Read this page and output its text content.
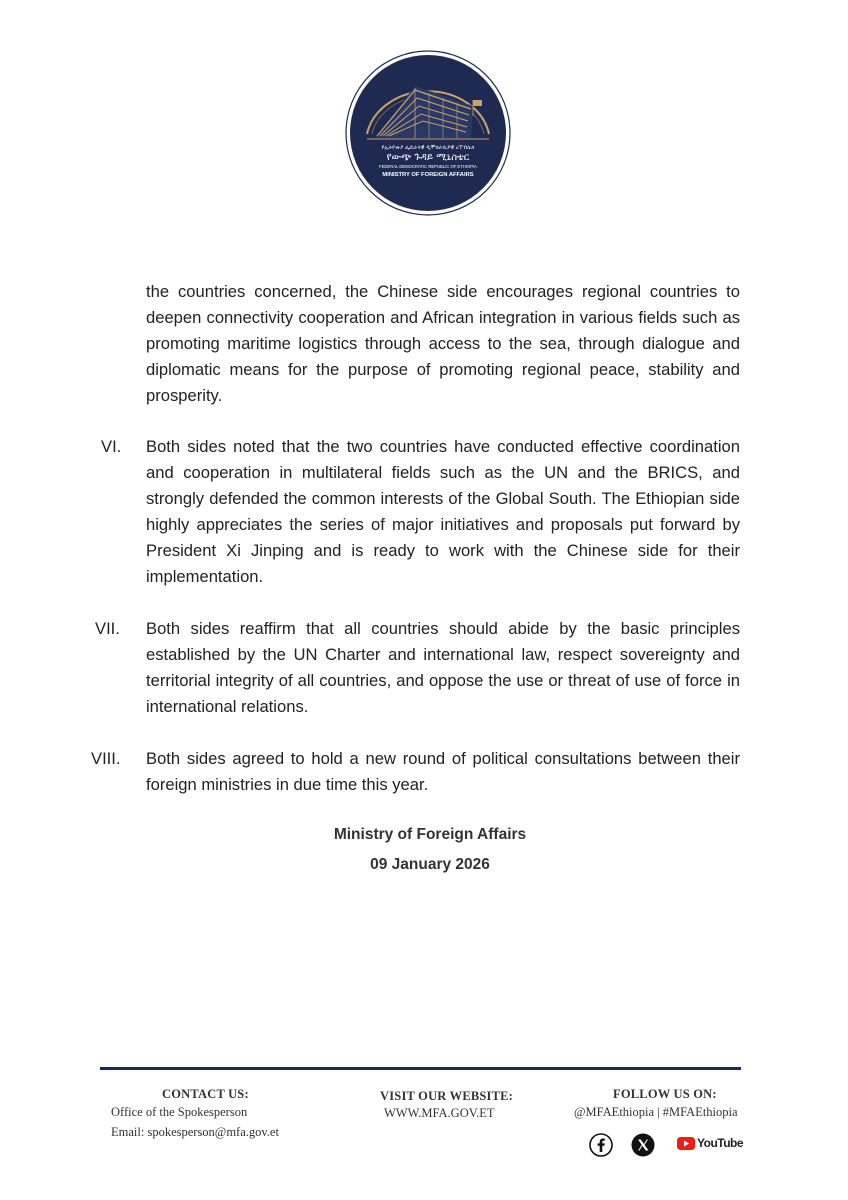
የኢትዮጵያ ፌዴራላዊ ዲሞክራሲያዊ ሪፐብሊክ
የውጭ ጉዳይ ሚኒስቴር
FEDERAL DEMOCRATIC REPUBLIC OF ETHIOPIA
MINISTRY OF FOREIGN AFFAIRS

the countries concerned, the Chinese side encourages regional countries to deepen connectivity cooperation and African integration in various fields such as promoting maritime logistics through access to the sea, through dialogue and diplomatic means for the purpose of promoting regional peace, stability and prosperity.

VI.	Both sides noted that the two countries have conducted effective coordination and cooperation in multilateral fields such as the UN and the BRICS, and strongly defended the common interests of the Global South. The Ethiopian side highly appreciates the series of major initiatives and proposals put forward by President Xi Jinping and is ready to work with the Chinese side for their implementation.

VII.	Both sides reaffirm that all countries should abide by the basic principles established by the UN Charter and international law, respect sovereignty and territorial integrity of all countries, and oppose the use or threat of use of force in international relations.

VIII.	Both sides agreed to hold a new round of political consultations between their foreign ministries in due time this year.

Ministry of Foreign Affairs
09 January 2026
CONTACT US:
Office of the Spokesperson
Email: spokesperson@mfa.gov.et
VISIT OUR WEBSITE:
WWW.MFA.GOV.ET
FOLLOW US ON:
@MFAEthiopia | #MFAEthiopia
YouTube
